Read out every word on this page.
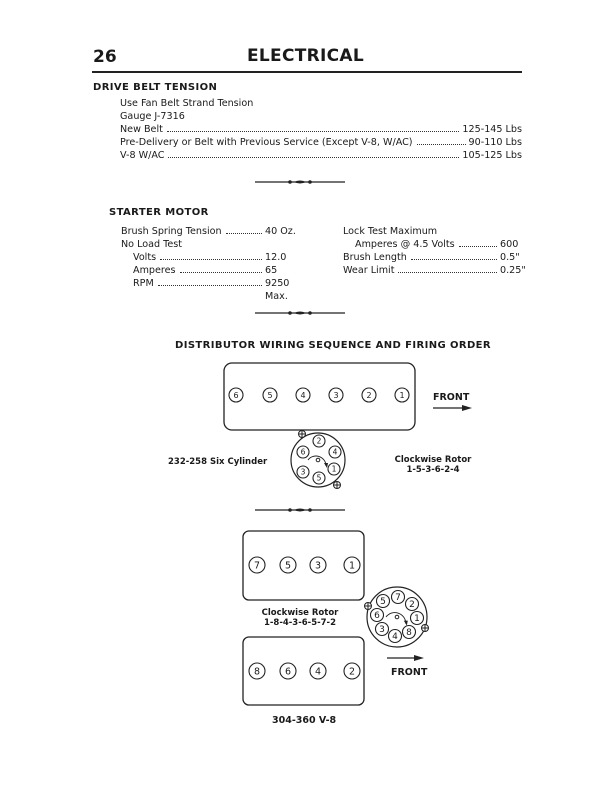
26	ELECTRICAL
DRIVE BELT TENSION
Use Fan Belt Strand Tension
Gauge J-7316
New Belt	125-145 Lbs
Pre-Delivery or Belt with Previous Service (Except V-8, W/AC)	90-110 Lbs
V-8 W/AC	105-125 Lbs
STARTER MOTOR
Brush Spring Tension	40 Oz.
No Load Test
Volts	12.0
Amperes	65
RPM	9250 Max.
Lock Test Maximum
Amperes @ 4.5 Volts	600
Brush Length	0.5"
Wear Limit	0.25"
DISTRIBUTOR WIRING SEQUENCE AND FIRING ORDER
6	5	4	3	2	1	FRONT
2
4
1
5
3
6
232-258 Six Cylinder	Clockwise Rotor
1-5-3-6-2-4
7	5	3	1
8	6	4	2
Clockwise Rotor
1-8-4-3-6-5-7-2
5 7
2
1
8
4
3
6
FRONT
304-360 V-8
